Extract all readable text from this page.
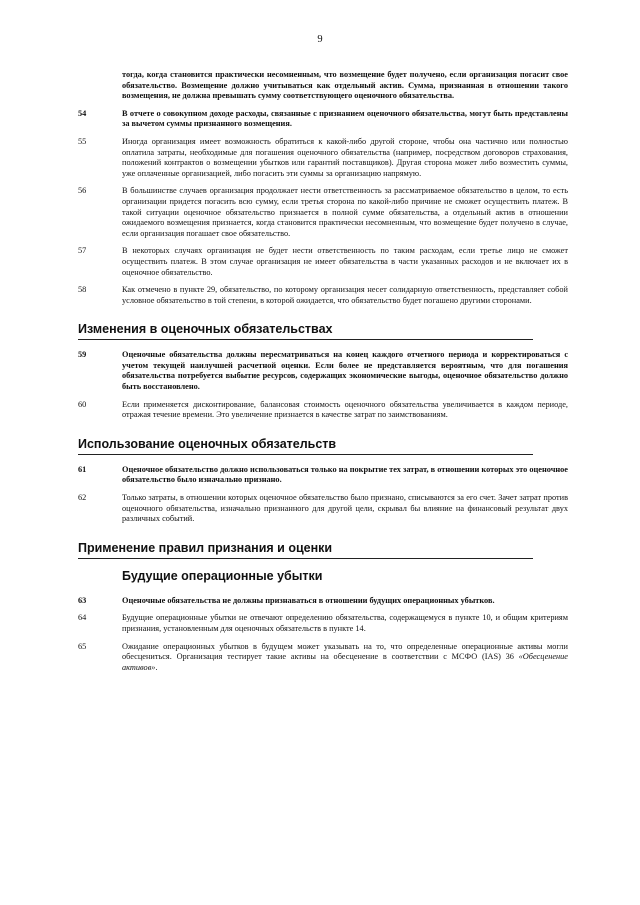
9
тогда, когда становится практически несомненным, что возмещение будет получено, если организация погасит свое обязательство. Возмещение должно учитываться как отдельный актив. Сумма, признанная в отношении такого возмещения, не должна превышать сумму соответствующего оценочного обязательства.
54	В отчете о совокупном доходе расходы, связанные с признанием оценочного обязательства, могут быть представлены за вычетом суммы признанного возмещения.
55	Иногда организация имеет возможность обратиться к какой-либо другой стороне, чтобы она частично или полностью оплатила затраты, необходимые для погашения оценочного обязательства (например, посредством договоров страхования, положений контрактов о возмещении убытков или гарантий поставщиков). Другая сторона может либо возместить суммы, уже оплаченные организацией, либо погасить эти суммы за организацию напрямую.
56	В большинстве случаев организация продолжает нести ответственность за рассматриваемое обязательство в целом, то есть организации придется погасить всю сумму, если третья сторона по какой-либо причине не сможет осуществить платеж. В такой ситуации оценочное обязательство признается в полной сумме обязательства, а отдельный актив в отношении ожидаемого возмещения признается, когда становится практически несомненным, что возмещение будет получено в случае, если организация погашает свое обязательство.
57	В некоторых случаях организация не будет нести ответственность по таким расходам, если третье лицо не сможет осуществить платеж. В этом случае организация не имеет обязательства в части указанных расходов и не включает их в оценочное обязательство.
58	Как отмечено в пункте 29, обязательство, по которому организация несет солидарную ответственность, представляет собой условное обязательство в той степени, в которой ожидается, что обязательство будет погашено другими сторонами.
Изменения в оценочных обязательствах
59	Оценочные обязательства должны пересматриваться на конец каждого отчетного периода и корректироваться с учетом текущей наилучшей расчетной оценки. Если более не представляется вероятным, что для погашения обязательства потребуется выбытие ресурсов, содержащих экономические выгоды, оценочное обязательство должно быть восстановлено.
60	Если применяется дисконтирование, балансовая стоимость оценочного обязательства увеличивается в каждом периоде, отражая течение времени. Это увеличение признается в качестве затрат по заимствованиям.
Использование оценочных обязательств
61	Оценочное обязательство должно использоваться только на покрытие тех затрат, в отношении которых это оценочное обязательство было изначально признано.
62	Только затраты, в отношении которых оценочное обязательство было признано, списываются за его счет. Зачет затрат против оценочного обязательства, изначально признанного для другой цели, скрывал бы влияние на финансовый результат двух различных событий.
Применение правил признания и оценки
Будущие операционные убытки
63	Оценочные обязательства не должны признаваться в отношении будущих операционных убытков.
64	Будущие операционные убытки не отвечают определению обязательства, содержащемуся в пункте 10, и общим критериям признания, установленным для оценочных обязательств в пункте 14.
65	Ожидание операционных убытков в будущем может указывать на то, что определенные операционные активы могли обесцениться. Организация тестирует такие активы на обесценение в соответствии с МСФО (IAS) 36 «Обесценение активов».
